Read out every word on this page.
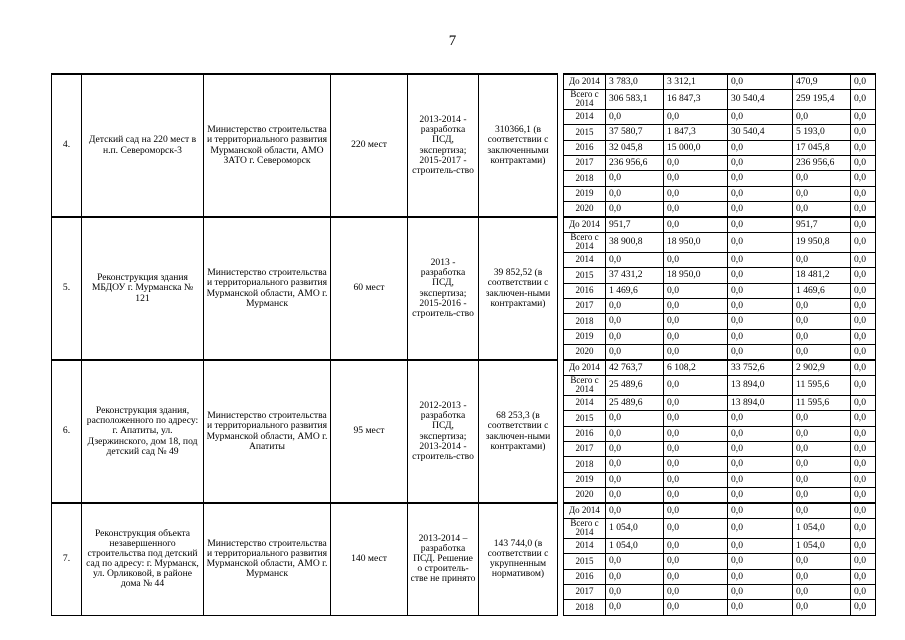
7
4.	Детский сад на 220 мест в н.п. Североморск-3	Министерство строительства и территориального развития Мурманской области, АМО ЗАТО г. Североморск	220 мест	2013-2014 - разработка ПСД, экспертиза; 2015-2017 - строитель-ство	310366,1 (в соответствии с заключенными контрактами)		До 2014	3 783,0	3 312,1	0,0	470,9	0,0
							Всего с 2014	306 583,1	16 847,3	30 540,4	259 195,4	0,0
							2014	0,0	0,0	0,0	0,0	0,0
							2015	37 580,7	1 847,3	30 540,4	5 193,0	0,0
							2016	32 045,8	15 000,0	0,0	17 045,8	0,0
							2017	236 956,6	0,0	0,0	236 956,6	0,0
							2018	0,0	0,0	0,0	0,0	0,0
							2019	0,0	0,0	0,0	0,0	0,0
							2020	0,0	0,0	0,0	0,0	0,0
5.	Реконструкция здания МБДОУ г. Мурманска № 121	Министерство строительства и территориального развития Мурманской области, АМО г. Мурманск	60 мест	2013 - разработка ПСД, экспертиза; 2015-2016 - строитель-ство	39 852,52 (в соответствии с заключен-ными контрактами)		До 2014	951,7	0,0	0,0	951,7	0,0
							Всего с 2014	38 900,8	18 950,0	0,0	19 950,8	0,0
							2014	0,0	0,0	0,0	0,0	0,0
							2015	37 431,2	18 950,0	0,0	18 481,2	0,0
							2016	1 469,6	0,0	0,0	1 469,6	0,0
							2017	0,0	0,0	0,0	0,0	0,0
							2018	0,0	0,0	0,0	0,0	0,0
							2019	0,0	0,0	0,0	0,0	0,0
							2020	0,0	0,0	0,0	0,0	0,0
6.	Реконструкция здания, расположенного по адресу: г. Апатиты, ул. Дзержинского, дом 18, под детский сад № 49	Министерство строительства и территориального развития Мурманской области, АМО г. Апатиты	95 мест	2012-2013 - разработка ПСД, экспертиза; 2013-2014 - строитель-ство	68 253,3 (в соответствии с заключен-ными контрактами)		До 2014	42 763,7	6 108,2	33 752,6	2 902,9	0,0
							Всего с 2014	25 489,6	0,0	13 894,0	11 595,6	0,0
							2014	25 489,6	0,0	13 894,0	11 595,6	0,0
							2015	0,0	0,0	0,0	0,0	0,0
							2016	0,0	0,0	0,0	0,0	0,0
							2017	0,0	0,0	0,0	0,0	0,0
							2018	0,0	0,0	0,0	0,0	0,0
							2019	0,0	0,0	0,0	0,0	0,0
							2020	0,0	0,0	0,0	0,0	0,0
7.	Реконструкция объекта незавершенного строительства под детский сад по адресу: г. Мурманск, ул. Орликовой, в районе дома № 44	Министерство строительства и территориального развития Мурманской области, АМО г. Мурманск	140 мест	2013-2014 – разработка ПСД. Решение о строитель-стве не принято	143 744,0 (в соответствии с укрупненным нормативом)		До 2014	0,0	0,0	0,0	0,0	0,0
							Всего с 2014	1 054,0	0,0	0,0	1 054,0	0,0
							2014	1 054,0	0,0	0,0	1 054,0	0,0
							2015	0,0	0,0	0,0	0,0	0,0
							2016	0,0	0,0	0,0	0,0	0,0
							2017	0,0	0,0	0,0	0,0	0,0
							2018	0,0	0,0	0,0	0,0	0,0
